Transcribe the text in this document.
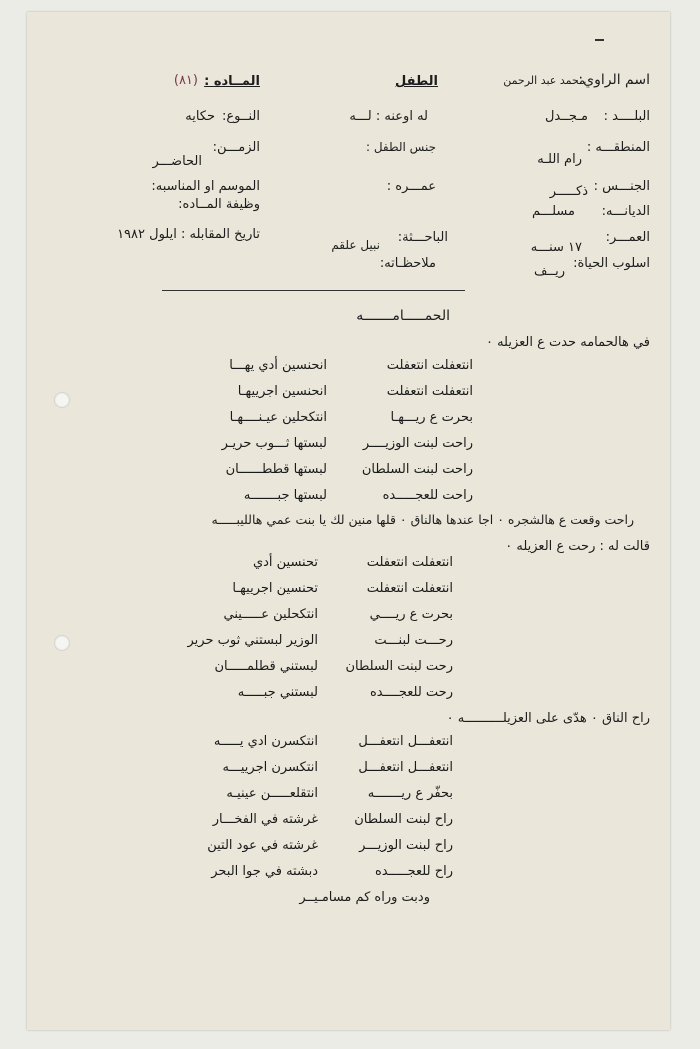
اسم الراوي:
محمد عبد الرحمن
الطفل
المــاده :
(٨١)
البلــــد :
مـجــدل
له اوعنه : لـــه
النــوع:
حكايه
المنطقـــه :
رام اللـه
جنس الطفل :
الزمـــن:
الحاضـــر
الجنـــس :
ذكـــــر
عمـــره :
الموسم او المناسبه:
الديانـــه:
مسلـــم
وظيفة المــاده:
العمـــر:
١٧ سنـــه
الباحـــثة:
نبيل علقم
تاريخ المقابله : ايلول ١٩٨٢
اسلوب الحياة:
ريــف
ملاحظـاته:
الحمـــــامـــــــه
في هالحمامه حدت ع العزيله ٠
انتعفلت انتعفلت
انحنسين أدي يهـــا
انتعفلت انتعفلت
انحنسين اجرييهـا
بحرت ع ريـــهـا
انتكحلين عيـنــــهـا
راحت لبنت الوزيــــر
لبستها ثـــوب حريـر
راحت لبنت السلطان
لبستها قططــــــان
راحت للعجـــــده
لبستها جبـــــــه
راحت وقعت ع هالشجره ٠ اجا عندها هالناق ٠ قلها منين لك يا بنت عمي هالليبـــــه
قالت له : رحت ع العزيله ٠
انتعفلت انتعفلت
تحنسين أدي
انتعفلت انتعفلت
تحنسين اجرييهـا
بحرت ع ريــــي
انتكحلين عـــــيني
رحـــت لبنـــت
الوزير لبستني ثوب حرير
رحت لبنت السلطان
لبستني قطلمـــــان
رحت للعجــــده
لبستني جبـــــه
راح الناق ٠ هدّى على العزيلــــــــــه ٠
انتعفـــل انتعفـــل
انتكسرن ادي يـــــه
انتعفـــل انتعفـــل
انتكسرن اجرييـــه
بحفّر ع ريـــــــه
انتقلعـــــن عينيـه
راح لبنت السلطان
غرشته في الفخـــار
راح لبنت الوزيـــر
غرشته في عود التين
راح للعجـــــده
دبشته في جوا البحر
ودبت وراه كم مسامـيــر
